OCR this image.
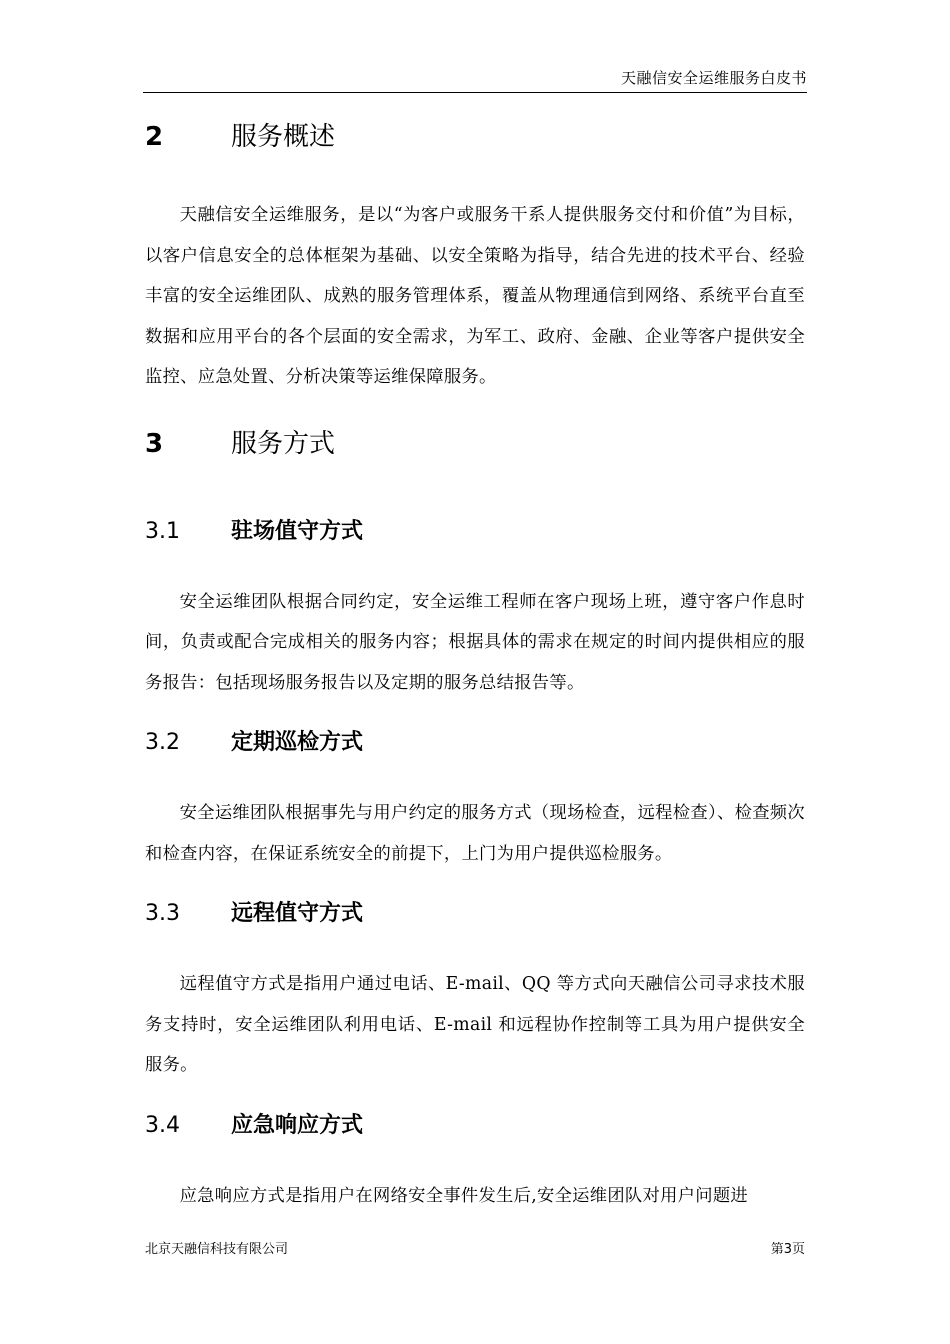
天融信安全运维服务白皮书
2	服务概述

天融信安全运维服务，是以“为客户或服务干系人提供服务交付和价值”为目标，以客户信息安全的总体框架为基础、以安全策略为指导，结合先进的技术平台、经验丰富的安全运维团队、成熟的服务管理体系，覆盖从物理通信到网络、系统平台直至数据和应用平台的各个层面的安全需求，为军工、政府、金融、企业等客户提供安全监控、应急处置、分析决策等运维保障服务。

3	服务方式
3.1	驻场值守方式

安全运维团队根据合同约定，安全运维工程师在客户现场上班，遵守客户作息时间，负责或配合完成相关的服务内容；根据具体的需求在规定的时间内提供相应的服务报告：包括现场服务报告以及定期的服务总结报告等。

3.2	定期巡检方式

安全运维团队根据事先与用户约定的服务方式（现场检查，远程检查）、检查频次和检查内容，在保证系统安全的前提下，上门为用户提供巡检服务。

3.3	远程值守方式

远程值守方式是指用户通过电话、E-mail、QQ 等方式向天融信公司寻求技术服务支持时，安全运维团队利用电话、E-mail 和远程协作控制等工具为用户提供安全服务。

3.4	应急响应方式

应急响应方式是指用户在网络安全事件发生后,安全运维团队对用户问题进

北京天融信科技有限公司	第3页
